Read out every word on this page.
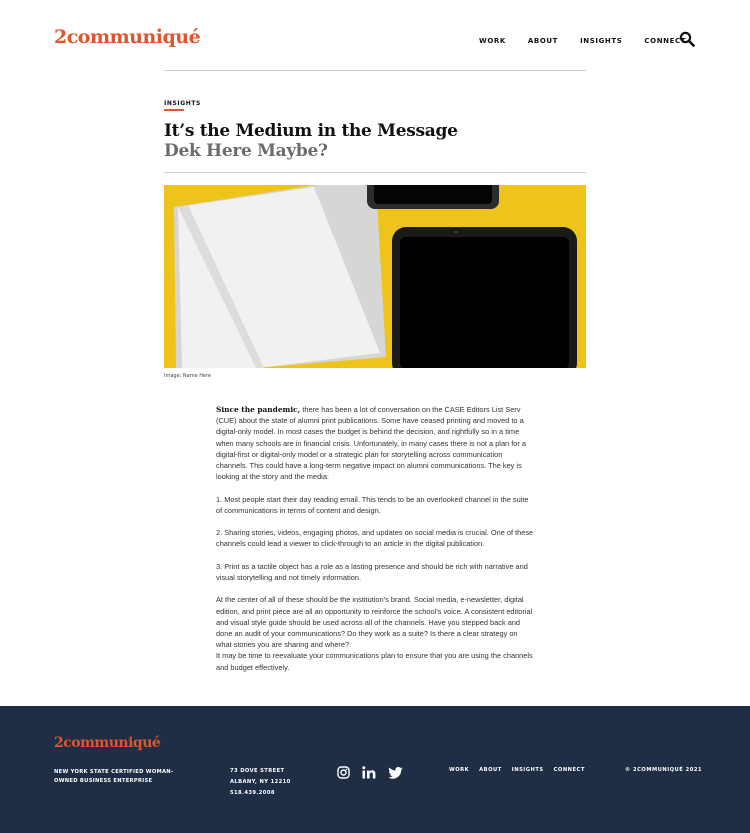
2communiqué	WORK	ABOUT	INSIGHTS	CONNECT
INSIGHTS
It’s the Medium in the Message
Dek Here Maybe?
Image: Name Here

Since the pandemic, there has been a lot of conversation on the CASE Editors List Serv (CUE) about the state of alumni print publications. Some have ceased printing and moved to a digital-only model. In most cases the budget is behind the decision, and rightfully so in a time when many schools are in financial crisis. Unfortunately, in many cases there is not a plan for a digital-first or digital-only model or a strategic plan for storytelling across communication channels. This could have a long-term negative impact on alumni communications. The key is looking at the story and the media:

1. Most people start their day reading email. This tends to be an overlooked channel in the suite of communications in terms of content and design.

2. Sharing stories, videos, engaging photos, and updates on social media is crucial. One of these channels could lead a viewer to click-through to an article in the digital publication.

3. Print as a tactile object has a role as a lasting presence and should be rich with narrative and visual storytelling and not timely information.

At the center of all of these should be the institution’s brand. Social media, e-newsletter, digital edition, and print piece are all an opportunity to reinforce the school’s voice. A consistent editorial and visual style guide should be used across all of the channels. Have you stepped back and done an audit of your communications? Do they work as a suite? Is there a clear strategy on what stories you are sharing and where?

It may be time to reevaluate your communications plan to ensure that you are using the channels and budget effectively.

2communiqué
NEW YORK STATE CERTIFIED WOMAN- OWNED BUSINESS ENTERPRISE
73 DOVE STREET
ALBANY, NY 12210
518.439.2008
WORK ABOUT INSIGHTS CONNECT	© 2COMMUNIQUÉ 2021
